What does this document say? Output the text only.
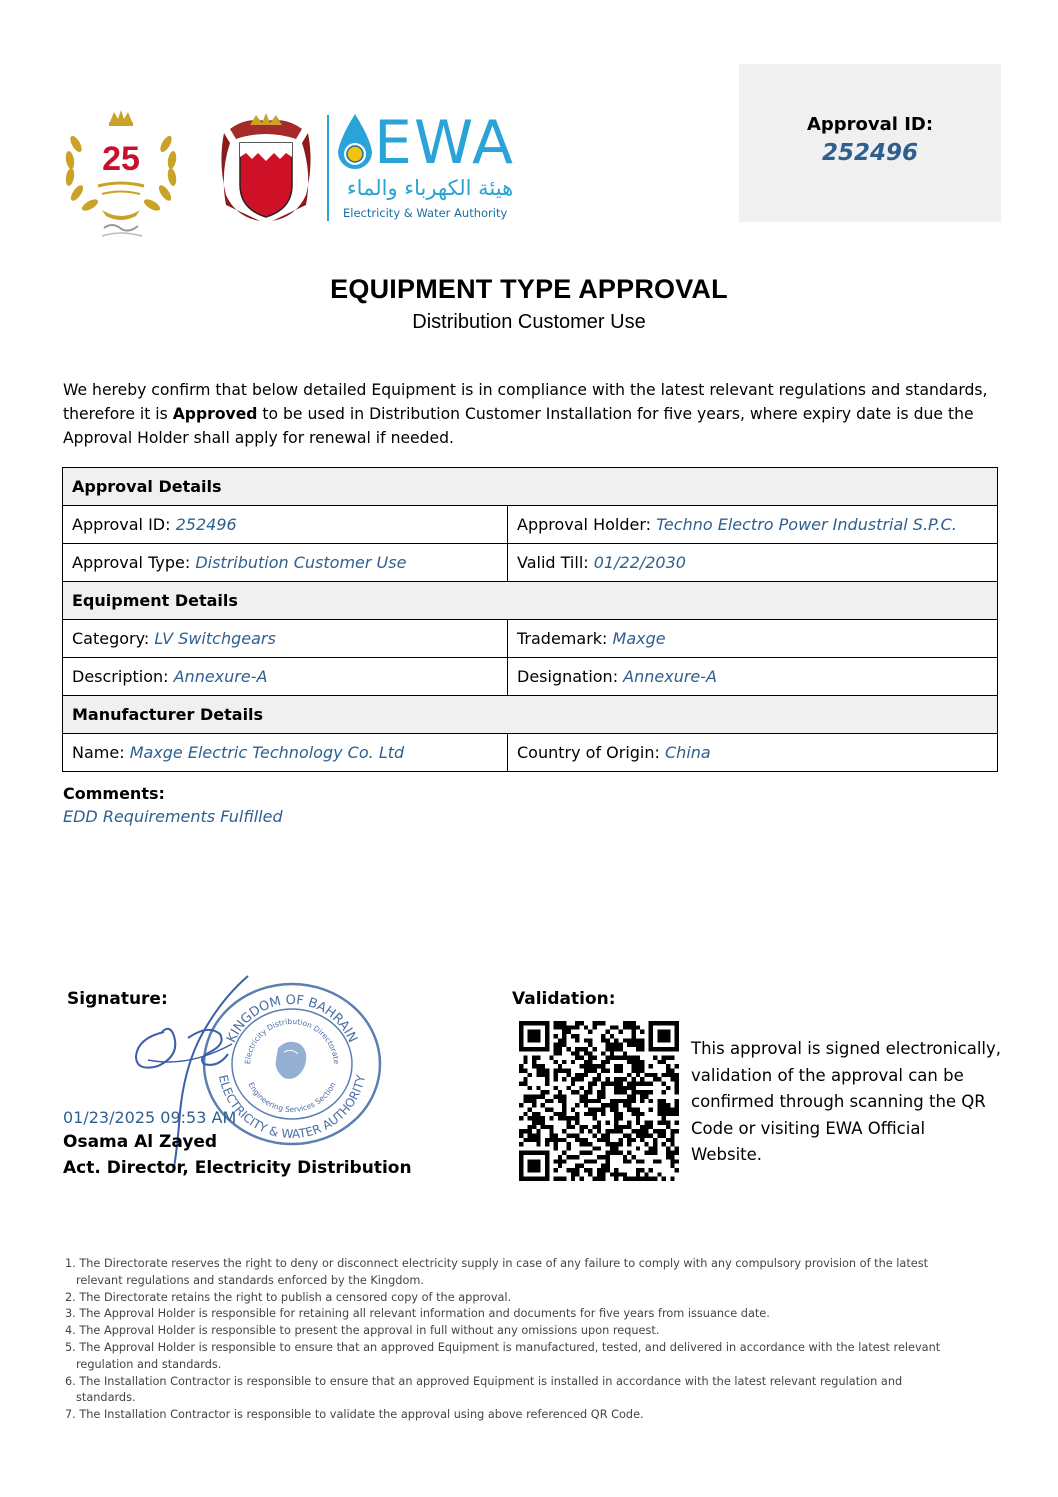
25	EWA
هيئة الكهرباء والماء
Electricity & Water Authority
Approval ID:
252496
EQUIPMENT TYPE APPROVAL
Distribution Customer Use
We hereby confirm that below detailed Equipment is in compliance with the latest relevant regulations and standards, therefore it is Approved to be used in Distribution Customer Installation for five years, where expiry date is due the Approval Holder shall apply for renewal if needed.
Approval Details	
Approval ID: 252496	Approval Holder: Techno Electro Power Industrial S.P.C.
Approval Type: Distribution Customer Use	Valid Till: 01/22/2030
Equipment Details	
Category: LV Switchgears	Trademark: Maxge
Description: Annexure-A	Designation: Annexure-A
Manufacturer Details	
Name: Maxge Electric Technology Co. Ltd	Country of Origin: China
Comments:
EDD Requirements Fulfilled
Signature:
KINGDOM OF BAHRAIN
ELECTRICITY & WATER AUTHORITY
Electricity Distribution Directorate
Engineering Services Section
01/23/2025 09:53 AM
Osama Al Zayed
Act. Director, Electricity Distribution
Validation:
This approval is signed electronically, validation of the approval can be confirmed through scanning the QR Code or visiting EWA Official Website.
1. The Directorate reserves the right to deny or disconnect electricity supply in case of any failure to comply with any compulsory provision of the latest relevant regulations and standards enforced by the Kingdom.
2. The Directorate retains the right to publish a censored copy of the approval.
3. The Approval Holder is responsible for retaining all relevant information and documents for five years from issuance date.
4. The Approval Holder is responsible to present the approval in full without any omissions upon request.
5. The Approval Holder is responsible to ensure that an approved Equipment is manufactured, tested, and delivered in accordance with the latest relevant regulation and standards.
6. The Installation Contractor is responsible to ensure that an approved Equipment is installed in accordance with the latest relevant regulation and standards.
7. The Installation Contractor is responsible to validate the approval using above referenced QR Code.
